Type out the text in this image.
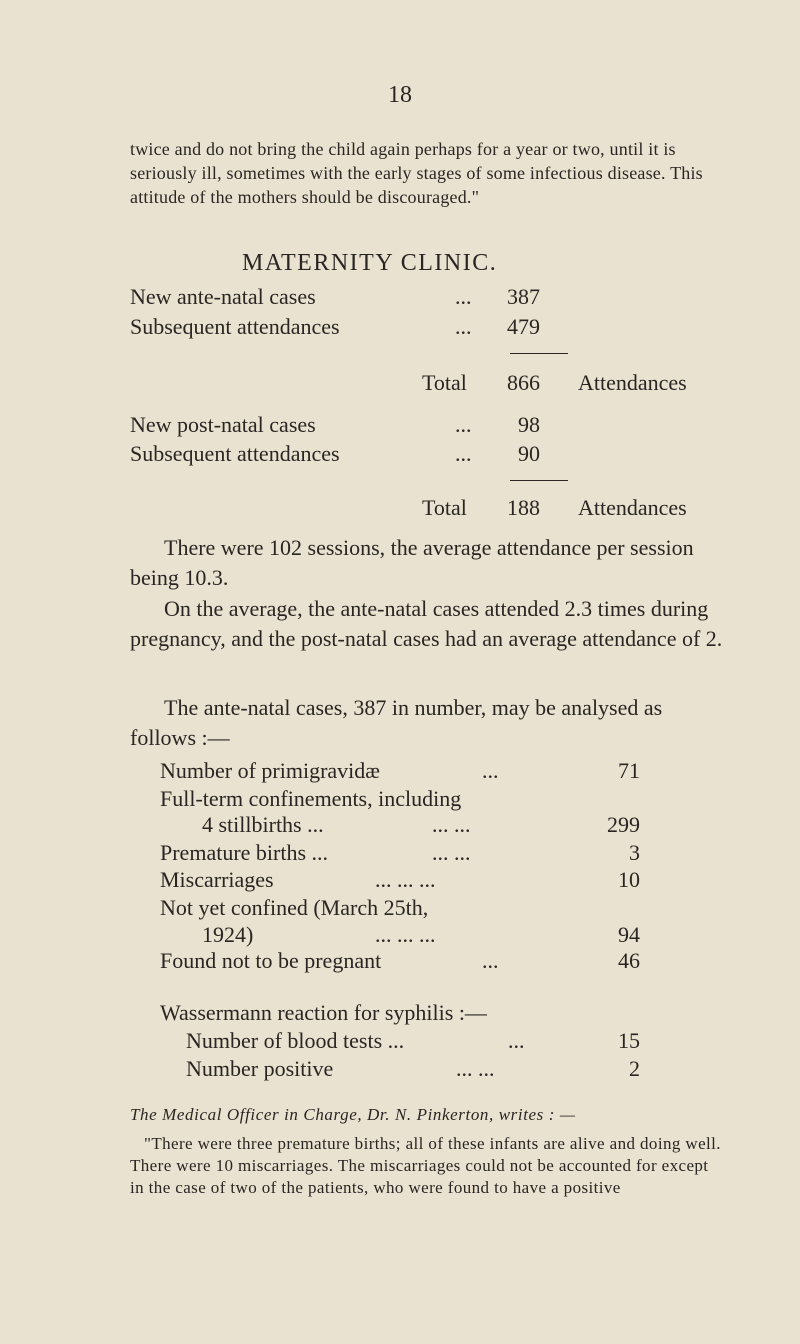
18

twice and do not bring the child again perhaps for a year or two, until it is seriously ill, sometimes with the early stages of some infectious disease. This attitude of the mothers should be discouraged."

MATERNITY CLINIC.
New ante-natal cases	...	387
Subsequent attendances	...	479
Total	866 Attendances
New post-natal cases	...	98
Subsequent attendances	...	90
Total	188 Attendances

There were 102 sessions, the average attendance per session being 10.3.

On the average, the ante-natal cases attended 2.3 times during pregnancy, and the post-natal cases had an average attendance of 2.

The ante-natal cases, 387 in number, may be analysed as follows :—

Number of primigravidæ	...	71
Full-term confinements, including
4 stillbirths ...	... ...	299
Premature births ...	... ...	3
Miscarriages	... ... ...	10
Not yet confined (March 25th,
1924)	... ... ...	94
Found not to be pregnant	...	46
Wassermann reaction for syphilis :—
Number of blood tests ...	...	15
Number positive	... ...	2
The Medical Officer in Charge, Dr. N. Pinkerton, writes : —

"There were three premature births; all of these infants are alive and doing well. There were 10 miscarriages. The miscarriages could not be accounted for except in the case of two of the patients, who were found to have a positive
